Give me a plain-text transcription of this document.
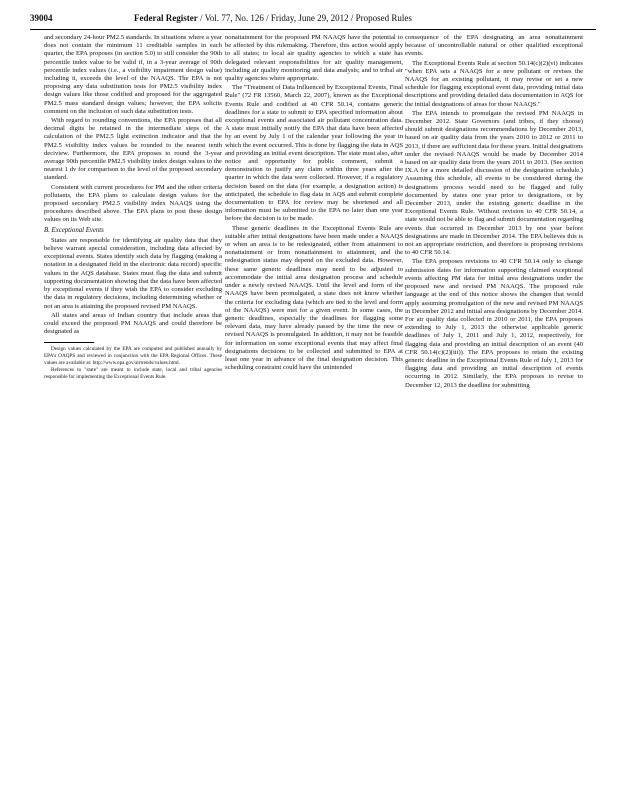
39004	Federal Register / Vol. 77, No. 126 / Friday, June 29, 2012 / Proposed Rules

and secondary 24-hour PM2.5 standards. In situations where a year does not contain the minimum 11 creditable samples in each quarter, the EPA proposes (in section 5.0) to still consider the 90th percentile index value to be valid if, in a 3-year average of 90th percentile index values (i.e., a visibility impairment design value) including it, exceeds the level of the NAAQS. The EPA is not proposing any data substitution tests for PM2.5 visibility index design values like those codified and proposed for the aggregated PM2.5 mass standard design values; however, the EPA solicits comment on the inclusion of such data substitution tests.

With regard to rounding conventions, the EPA proposes that all decimal digits be retained in the intermediate steps of the calculation of the PM2.5 light extinction indicator and that the PM2.5 visibility index values be rounded to the nearest tenth deciview. Furthermore, the EPA proposes to round the 3-year average 90th percentile PM2.5 visibility index design values to the nearest 1 dv for comparison to the level of the proposed secondary standard.

Consistent with current procedures for PM and the other criteria pollutants, the EPA plans to calculate design values for the proposed secondary PM2.5 visibility index NAAQS using the procedures described above. The EPA plans to post these design values on its Web site.

B. Exceptional Events

States are responsible for identifying air quality data that they believe warrant special consideration, including data affected by exceptional events. States identify such data by flagging (making a notation in a designated field in the electronic data record) specific values in the AQS database. States must flag the data and submit supporting documentation showing that the data have been affected by exceptional events if they wish the EPA to consider excluding the data in regulatory decisions, including determining whether or not an area is attaining the proposed revised PM NAAQS.

All states and areas of Indian country that include areas that could exceed the proposed PM NAAQS and could therefore be designated as

Design values calculated by the EPA are computed and published annually by EPA's OAQPS and reviewed in conjunction with the EPA Regional Offices. These values are available at: http://www.epa.gov/airtrends/values.html.

References to "state" are meant to include state, local and tribal agencies responsible for implementing the Exceptional Events Rule.

nonattainment for the proposed PM NAAQS have the potential to be affected by this rulemaking. Therefore, this action would apply to all states; to local air quality agencies to which a state has delegated relevant responsibilities for air quality management, including air quality monitoring and data analysis; and to tribal air quality agencies where appropriate.

The "Treatment of Data Influenced by Exceptional Events, Final Rule" (72 FR 13560, March 22, 2007), known as the Exceptional Events Rule and codified at 40 CFR 50.14, contains generic deadlines for a state to submit to EPA specified information about exceptional events and associated air pollutant concentration data. A state must initially notify the EPA that data have been affected by an event by July 1 of the calendar year following the year in which the event occurred. This is done by flagging the data in AQS and providing an initial event description. The state must also, after notice and opportunity for public comment, submit a demonstration to justify any claim within three years after the quarter in which the data were collected. However, if a regulatory decision based on the data (for example, a designation action) is anticipated, the schedule to flag data in AQS and submit complete documentation to EPA for review may be shortened and all information must be submitted to the EPA no later than one year before the decision is to be made.

These generic deadlines in the Exceptional Events Rule are suitable after initial designations have been made under a NAAQS or when an area is to be redesignated, either from attainment to nonattainment or from nonattainment to attainment, and the redesignation status may depend on the excluded data. However, these same generic deadlines may need to be adjusted to accommodate the initial area designation process and schedule under a newly revised NAAQS. Until the level and form of the NAAQS have been promulgated, a state does not know whether the criteria for excluding data (which are tied to the level and form of the NAAQS) were met for a given event. In some cases, the generic deadlines, especially the deadlines for flagging some relevant data, may have already passed by the time the new or revised NAAQS is promulgated. In addition, it may not be feasible for information on some exceptional events that may affect final designations decisions to be collected and submitted to EPA at least one year in advance of the final designation decision. This scheduling constraint could have the unintended

consequence of the EPA designating an area nonattainment because of uncontrollable natural or other qualified exceptional events.

The Exceptional Events Rule at section 50.14(c)(2)(vi) indicates "when EPA sets a NAAQS for a new pollutant or revises the NAAQS for an existing pollutant, it may revise or set a new schedule for flagging exceptional event data, providing initial data descriptions and providing detailed data documentation in AQS for the initial designations of areas for those NAAQS."

The EPA intends to promulgate the revised PM NAAQS in December 2012. State Governors (and tribes, if they choose) should submit designations recommendations by December 2013, based on air quality data from the years 2010 to 2012 or 2011 to 2013, if there are sufficient data for these years. Initial designations under the revised NAAQS would be made by December 2014 based on air quality data from the years 2011 to 2013. (See section IX.A for a more detailed discussion of the designation schedule.) Assuming this schedule, all events to be considered during the designations process would need to be flagged and fully documented by states one year prior to designations, or by December 2013, under the existing generic deadline in the Exceptional Events Rule. Without revision to 40 CFR 50.14, a state would not be able to flag and submit documentation regarding events that occurred in December 2013 by one year before designations are made in December 2014. The EPA believes this is not an appropriate restriction, and therefore is proposing revisions to 40 CFR 50.14.

The EPA proposes revisions to 40 CFR 50.14 only to change submission dates for information supporting claimed exceptional events affecting PM data for initial area designations under the proposed new and revised PM NAAQS. The proposed rule language at the end of this notice shows the changes that would apply assuming promulgation of the new and revised PM NAAQS in December 2012 and initial area designations by December 2014. For air quality data collected in 2010 or 2011, the EPA proposes extending to July 1, 2013 the otherwise applicable generic deadlines of July 1, 2011 and July 1, 2012, respectively, for flagging data and providing an initial description of an event (40 CFR 50.14(c)(2)(iii)). The EPA proposes to retain the existing generic deadline in the Exceptional Events Rule of July 1, 2013 for flagging data and providing an initial description of events occurring in 2012. Similarly, the EPA proposes to revise to December 12, 2013 the deadline for submitting
